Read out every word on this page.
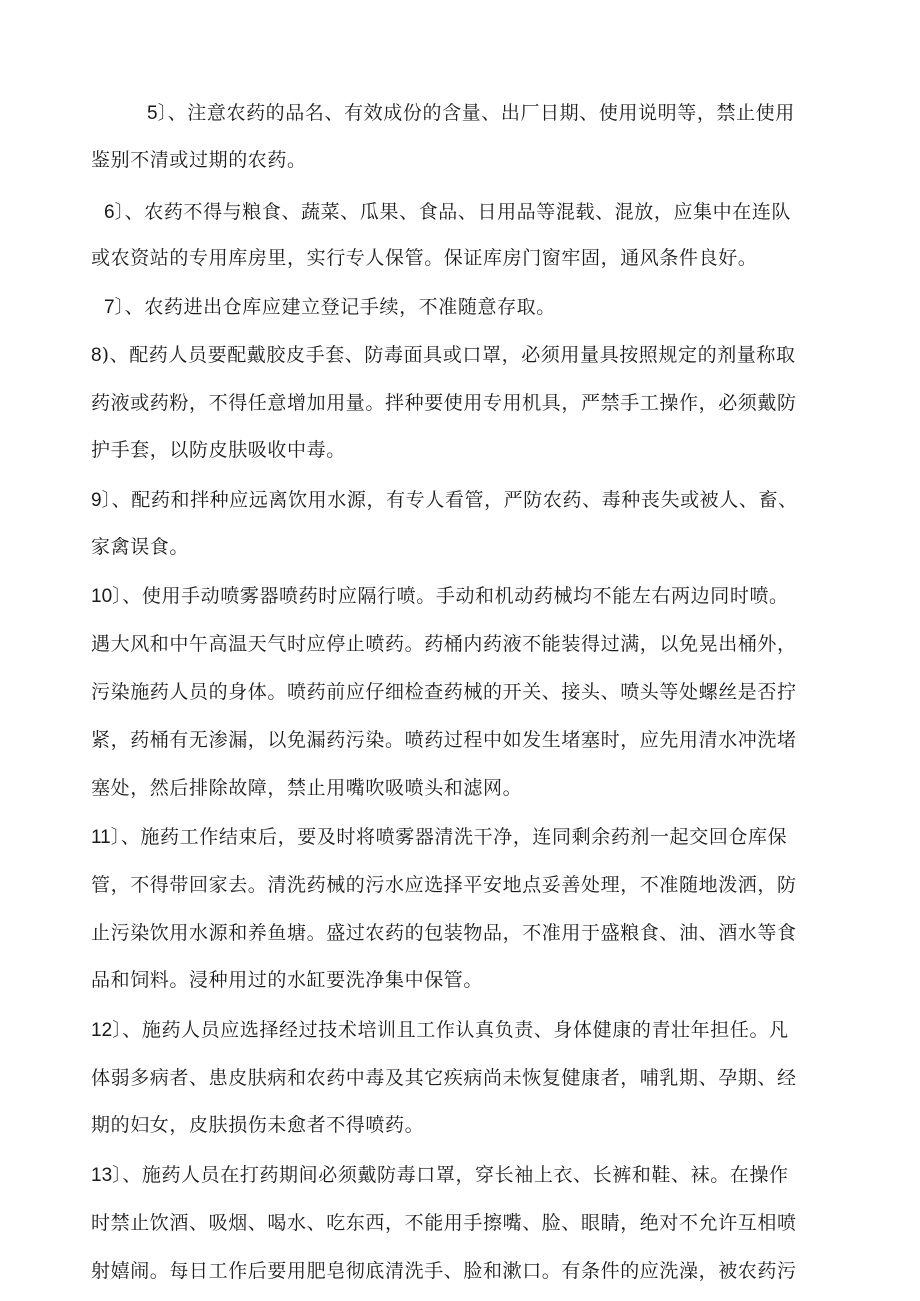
5〕、注意农药的品名、有效成份的含量、出厂日期、使用说明等，禁止使用
鉴别不清或过期的农药。
6〕、农药不得与粮食、蔬菜、瓜果、食品、日用品等混载、混放，应集中在连队
或农资站的专用库房里，实行专人保管。保证库房门窗牢固，通风条件良好。
7〕、农药进出仓库应建立登记手续，不准随意存取。
8)、配药人员要配戴胶皮手套、防毒面具或口罩，必须用量具按照规定的剂量称取
药液或药粉，不得任意增加用量。拌种要使用专用机具，严禁手工操作，必须戴防
护手套，以防皮肤吸收中毒。
9〕、配药和拌种应远离饮用水源，有专人看管，严防农药、毒种丧失或被人、畜、
家禽误食。
10〕、使用手动喷雾器喷药时应隔行喷。手动和机动药械均不能左右两边同时喷。
遇大风和中午高温天气时应停止喷药。药桶内药液不能装得过满，以免晃出桶外，
污染施药人员的身体。喷药前应仔细检查药械的开关、接头、喷头等处螺丝是否拧
紧，药桶有无渗漏，以免漏药污染。喷药过程中如发生堵塞时，应先用清水冲洗堵
塞处，然后排除故障，禁止用嘴吹吸喷头和滤网。
11〕、施药工作结束后，要及时将喷雾器清洗干净，连同剩余药剂一起交回仓库保
管，不得带回家去。清洗药械的污水应选择平安地点妥善处理，不准随地泼洒，防
止污染饮用水源和养鱼塘。盛过农药的包装物品，不准用于盛粮食、油、酒水等食
品和饲料。浸种用过的水缸要洗净集中保管。
12〕、施药人员应选择经过技术培训且工作认真负责、身体健康的青壮年担任。凡
体弱多病者、患皮肤病和农药中毒及其它疾病尚未恢复健康者，哺乳期、孕期、经
期的妇女，皮肤损伤未愈者不得喷药。
13〕、施药人员在打药期间必须戴防毒口罩，穿长袖上衣、长裤和鞋、袜。在操作
时禁止饮酒、吸烟、喝水、吃东西，不能用手擦嘴、脸、眼睛，绝对不允许互相喷
射嬉闹。每日工作后要用肥皂彻底清洗手、脸和漱口。有条件的应洗澡，被农药污
